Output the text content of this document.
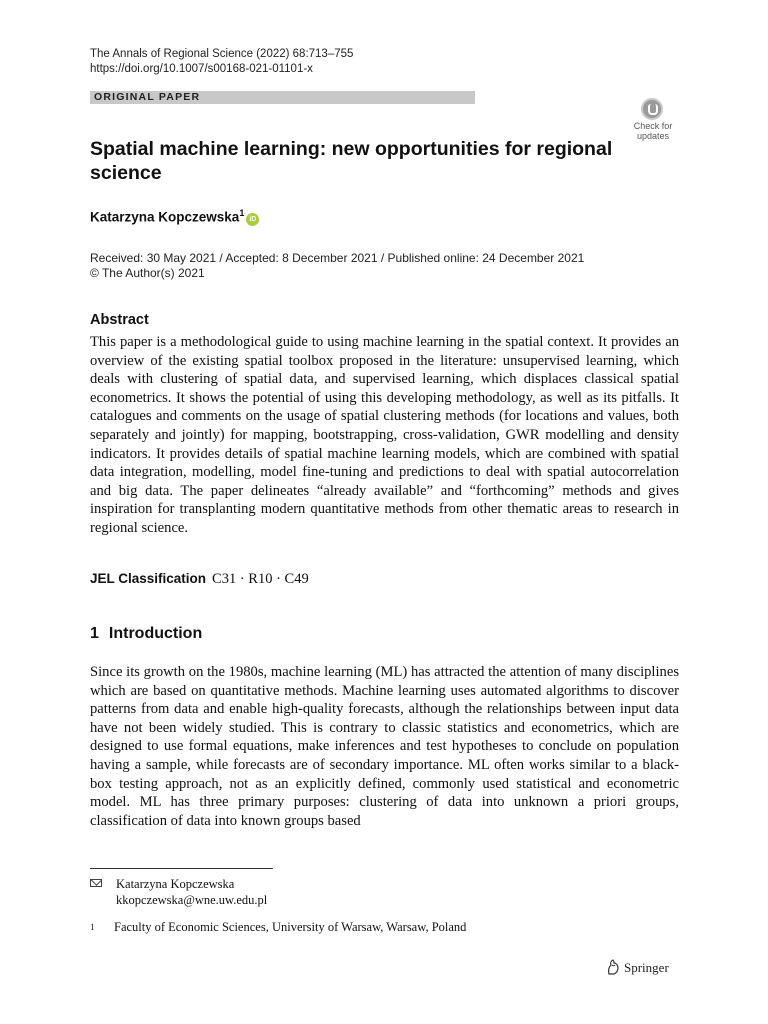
The Annals of Regional Science (2022) 68:713–755
https://doi.org/10.1007/s00168-021-01101-x
ORIGINAL PAPER
Check for
updates
Spatial machine learning: new opportunities for regional science
Katarzyna Kopczewska$^1$iD
Received: 30 May 2021 / Accepted: 8 December 2021 / Published online: 24 December 2021
© The Author(s) 2021
Abstract

This paper is a methodological guide to using machine learning in the spatial context. It provides an overview of the existing spatial toolbox proposed in the literature: unsupervised learning, which deals with clustering of spatial data, and supervised learning, which displaces classical spatial econometrics. It shows the potential of using this developing methodology, as well as its pitfalls. It catalogues and comments on the usage of spatial clustering methods (for locations and values, both separately and jointly) for mapping, bootstrapping, cross-validation, GWR modelling and density indicators. It provides details of spatial machine learning models, which are combined with spatial data integration, modelling, model fine-tuning and predictions to deal with spatial autocorrelation and big data. The paper delineates “already available” and “forthcoming” methods and gives inspiration for transplanting modern quantitative methods from other thematic areas to research in regional science.

JEL Classification C31 · R10 · C49
1 Introduction

Since its growth on the 1980s, machine learning (ML) has attracted the attention of many disciplines which are based on quantitative methods. Machine learning uses automated algorithms to discover patterns from data and enable high-quality forecasts, although the relationships between input data have not been widely studied. This is contrary to classic statistics and econometrics, which are designed to use formal equations, make inferences and test hypotheses to conclude on population having a sample, while forecasts are of secondary importance. ML often works similar to a black-box testing approach, not as an explicitly defined, commonly used statistical and econometric model. ML has three primary purposes: clustering of data into unknown a priori groups, classification of data into known groups based

Katarzyna Kopczewska
kkopczewska@wne.uw.edu.pl
1 Faculty of Economic Sciences, University of Warsaw, Warsaw, Poland
Springer
